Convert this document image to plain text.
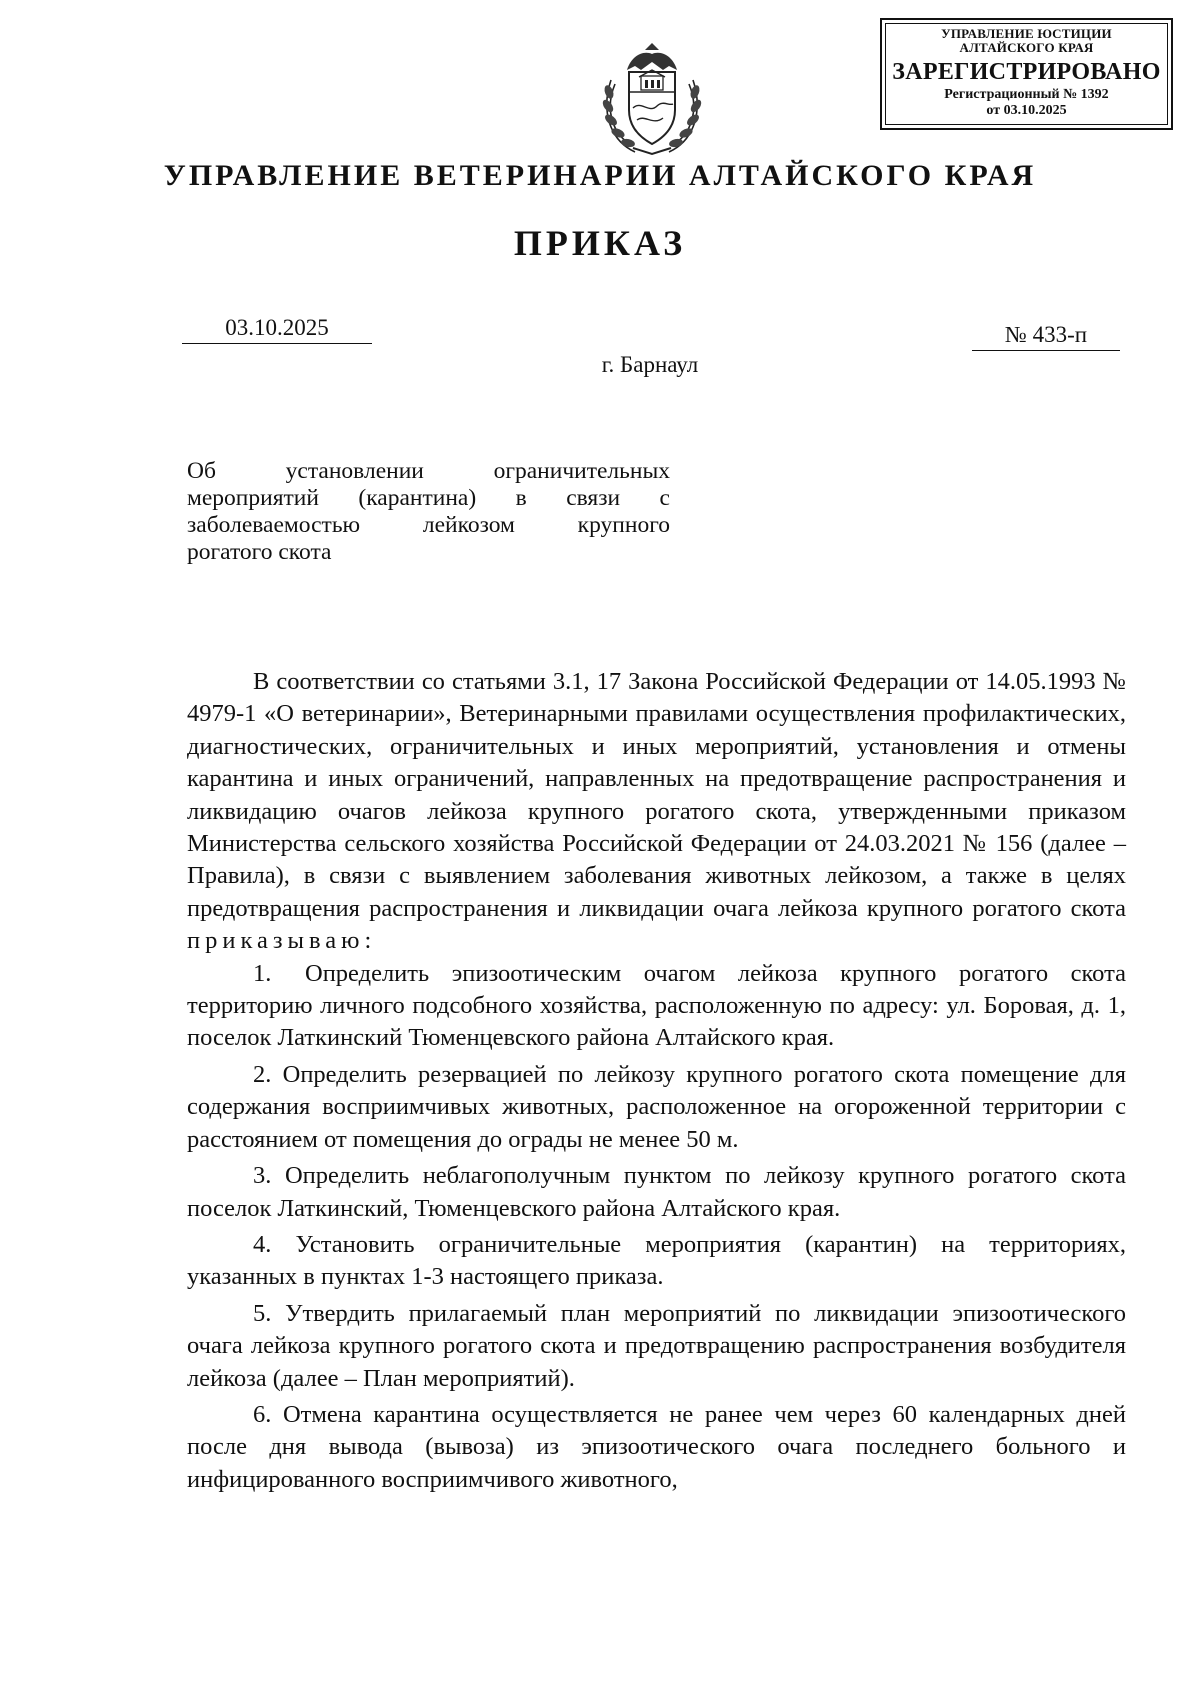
УПРАВЛЕНИЕ ЮСТИЦИИ
АЛТАЙСКОГО КРАЯ
ЗАРЕГИСТРИРОВАНО
Регистрационный № 1392
от 03.10.2025
УПРАВЛЕНИЕ ВЕТЕРИНАРИИ АЛТАЙСКОГО КРАЯ
ПРИКАЗ
03.10.2025	№ 433-п
г. Барнаул
Об установлении ограничительных мероприятий (карантина) в связи с заболеваемостью лейкозом крупного
рогатого скота

В соответствии со статьями 3.1, 17 Закона Российской Федерации от 14.05.1993 № 4979-1 «О ветеринарии», Ветеринарными правилами осуществления профилактических, диагностических, ограничительных и иных мероприятий, установления и отмены карантина и иных ограничений, направленных на предотвращение распространения и ликвидацию очагов лейкоза крупного рогатого скота, утвержденными приказом Министерства сельского хозяйства Российской Федерации от 24.03.2021 № 156 (далее – Правила), в связи с выявлением заболевания животных лейкозом, а также в целях предотвращения распространения и ликвидации очага лейкоза крупного рогатого скота приказываю:

1. Определить эпизоотическим очагом лейкоза крупного рогатого скота территорию личного подсобного хозяйства, расположенную по адресу: ул. Боровая, д. 1, поселок Латкинский Тюменцевского района Алтайского края.

2. Определить резервацией по лейкозу крупного рогатого скота помещение для содержания восприимчивых животных, расположенное на огороженной территории с расстоянием от помещения до ограды не менее 50 м.

3. Определить неблагополучным пунктом по лейкозу крупного рогатого скота поселок Латкинский, Тюменцевского района Алтайского края.

4. Установить ограничительные мероприятия (карантин) на территориях, указанных в пунктах 1-3 настоящего приказа.

5. Утвердить прилагаемый план мероприятий по ликвидации эпизоотического очага лейкоза крупного рогатого скота и предотвращению распространения возбудителя лейкоза (далее – План мероприятий).

6. Отмена карантина осуществляется не ранее чем через 60 календарных дней после дня вывода (вывоза) из эпизоотического очага последнего больного и инфицированного восприимчивого животного,
